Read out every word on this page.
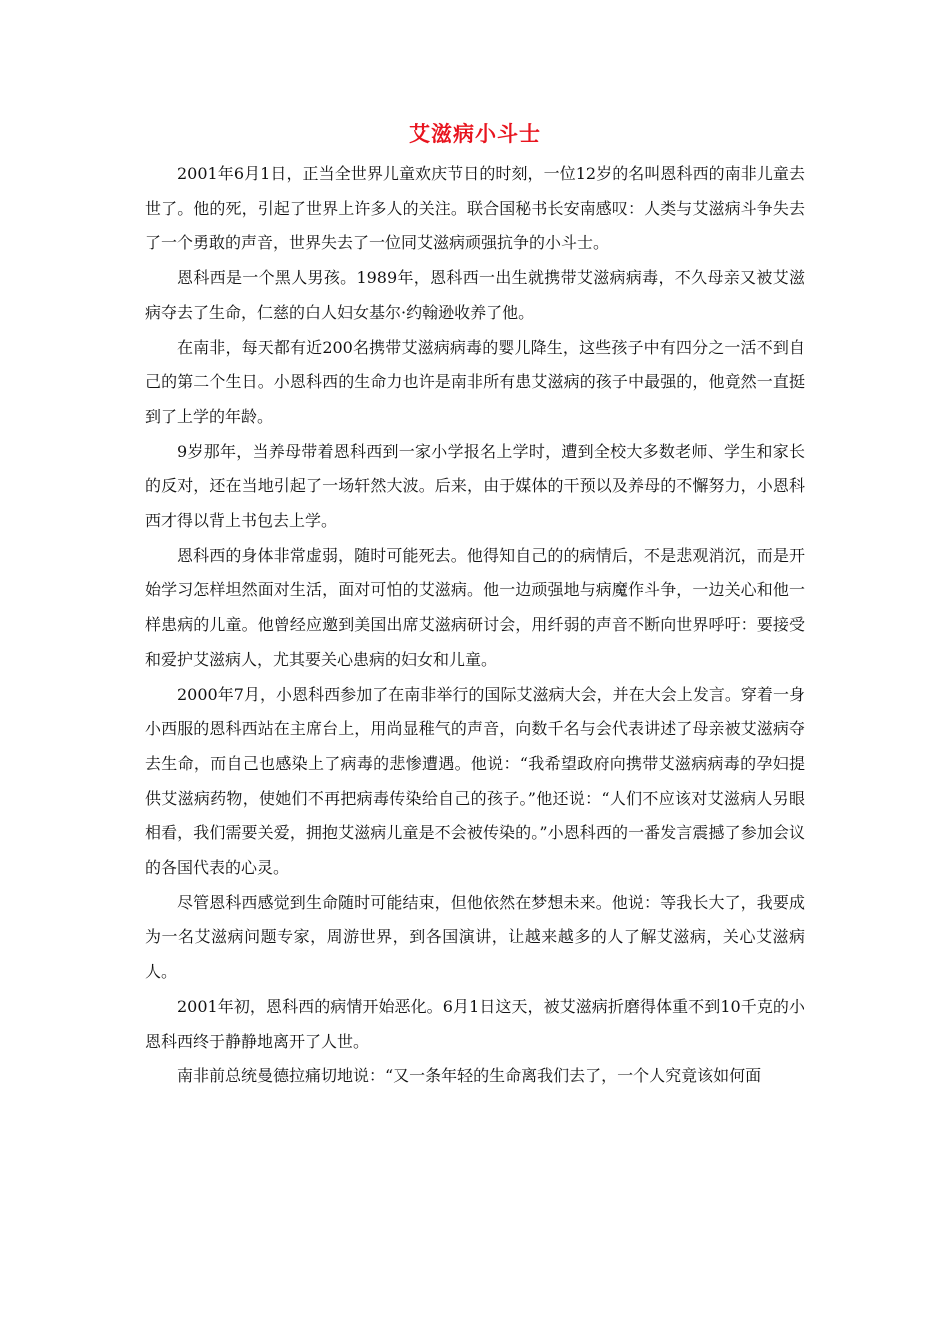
艾滋病小斗士

2001年6月1日，正当全世界儿童欢庆节日的时刻，一位12岁的名叫恩科西的南非儿童去世了。他的死，引起了世界上许多人的关注。联合国秘书长安南感叹：人类与艾滋病斗争失去了一个勇敢的声音，世界失去了一位同艾滋病顽强抗争的小斗士。

恩科西是一个黑人男孩。1989年，恩科西一出生就携带艾滋病病毒，不久母亲又被艾滋病夺去了生命，仁慈的白人妇女基尔·约翰逊收养了他。

在南非，每天都有近200名携带艾滋病病毒的婴儿降生，这些孩子中有四分之一活不到自己的第二个生日。小恩科西的生命力也许是南非所有患艾滋病的孩子中最强的，他竟然一直挺到了上学的年龄。

9岁那年，当养母带着恩科西到一家小学报名上学时，遭到全校大多数老师、学生和家长的反对，还在当地引起了一场轩然大波。后来，由于媒体的干预以及养母的不懈努力，小恩科西才得以背上书包去上学。

恩科西的身体非常虚弱，随时可能死去。他得知自己的的病情后，不是悲观消沉，而是开始学习怎样坦然面对生活，面对可怕的艾滋病。他一边顽强地与病魔作斗争，一边关心和他一样患病的儿童。他曾经应邀到美国出席艾滋病研讨会，用纤弱的声音不断向世界呼吁：要接受和爱护艾滋病人，尤其要关心患病的妇女和儿童。

2000年7月，小恩科西参加了在南非举行的国际艾滋病大会，并在大会上发言。穿着一身小西服的恩科西站在主席台上，用尚显稚气的声音，向数千名与会代表讲述了母亲被艾滋病夺去生命，而自己也感染上了病毒的悲惨遭遇。他说：“我希望政府向携带艾滋病病毒的孕妇提供艾滋病药物，使她们不再把病毒传染给自己的孩子。”他还说：“人们不应该对艾滋病人另眼相看，我们需要关爱，拥抱艾滋病儿童是不会被传染的。”小恩科西的一番发言震撼了参加会议的各国代表的心灵。

尽管恩科西感觉到生命随时可能结束，但他依然在梦想未来。他说：等我长大了，我要成为一名艾滋病问题专家，周游世界，到各国演讲，让越来越多的人了解艾滋病，关心艾滋病人。

2001年初，恩科西的病情开始恶化。6月1日这天，被艾滋病折磨得体重不到10千克的小恩科西终于静静地离开了人世。

南非前总统曼德拉痛切地说：“又一条年轻的生命离我们去了，一个人究竟该如何面
